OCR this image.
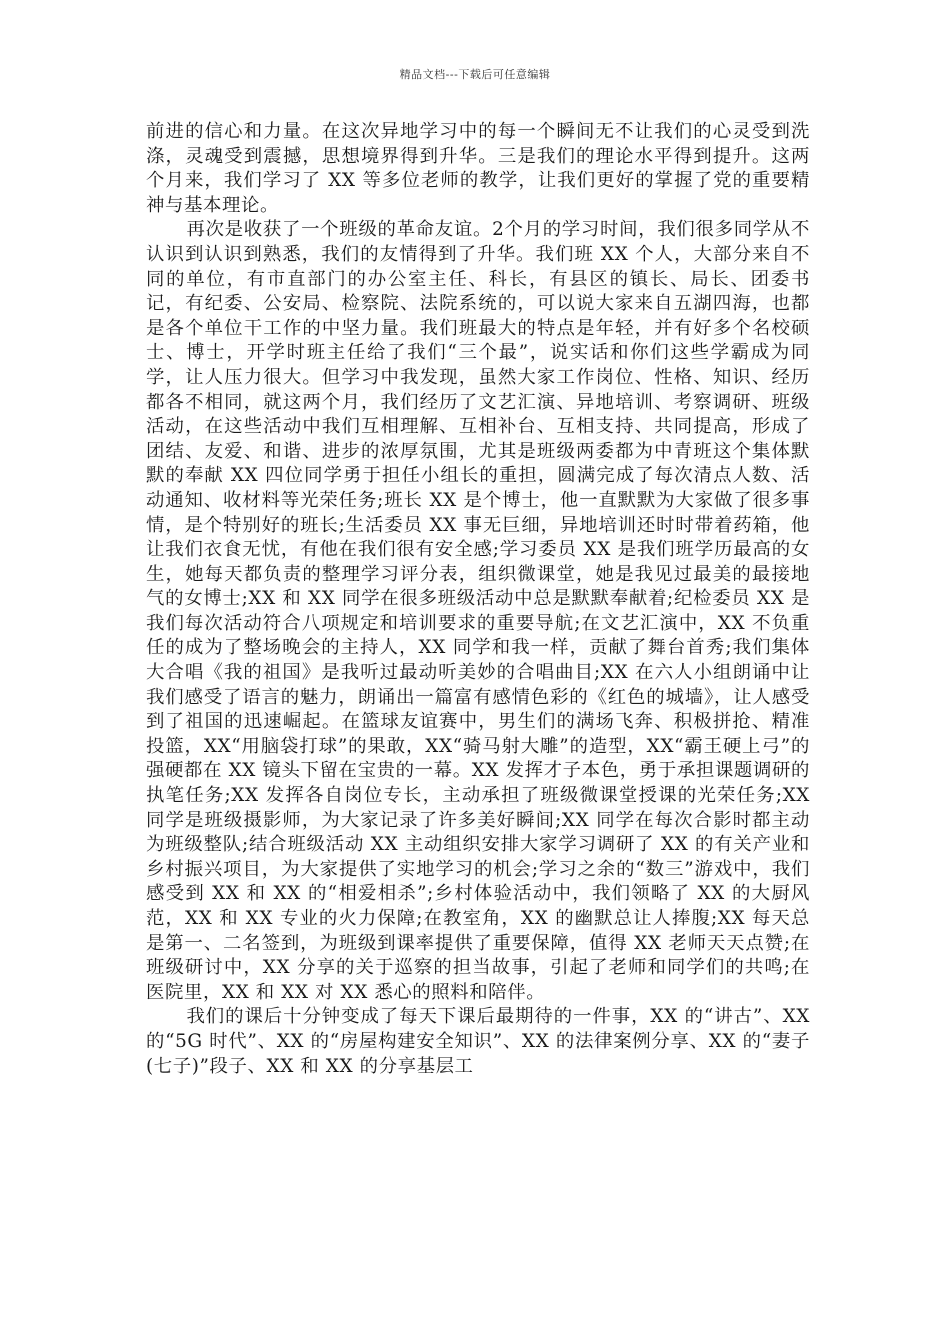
精品文档---下载后可任意编辑

前进的信心和力量。在这次异地学习中的每一个瞬间无不让我们的心灵受到洗涤，灵魂受到震撼，思想境界得到升华。三是我们的理论水平得到提升。这两个月来，我们学习了 XX 等多位老师的教学，让我们更好的掌握了党的重要精神与基本理论。

再次是收获了一个班级的革命友谊。2个月的学习时间，我们很多同学从不认识到认识到熟悉，我们的友情得到了升华。我们班 XX 个人，大部分来自不同的单位，有市直部门的办公室主任、科长，有县区的镇长、局长、团委书记，有纪委、公安局、检察院、法院系统的，可以说大家来自五湖四海，也都是各个单位干工作的中坚力量。我们班最大的特点是年轻，并有好多个名校硕士、博士，开学时班主任给了我们“三个最”，说实话和你们这些学霸成为同学，让人压力很大。但学习中我发现，虽然大家工作岗位、性格、知识、经历都各不相同，就这两个月，我们经历了文艺汇演、异地培训、考察调研、班级活动，在这些活动中我们互相理解、互相补台、互相支持、共同提高，形成了团结、友爱、和谐、进步的浓厚氛围，尤其是班级两委都为中青班这个集体默默的奉献 XX 四位同学勇于担任小组长的重担，圆满完成了每次清点人数、活动通知、收材料等光荣任务;班长 XX 是个博士，他一直默默为大家做了很多事情，是个特别好的班长;生活委员 XX 事无巨细，异地培训还时时带着药箱，他让我们衣食无忧，有他在我们很有安全感;学习委员 XX 是我们班学历最高的女生，她每天都负责的整理学习评分表，组织微课堂，她是我见过最美的最接地气的女博士;XX 和 XX 同学在很多班级活动中总是默默奉献着;纪检委员 XX 是我们每次活动符合八项规定和培训要求的重要导航;在文艺汇演中，XX 不负重任的成为了整场晚会的主持人，XX 同学和我一样，贡献了舞台首秀;我们集体大合唱《我的祖国》是我听过最动听美妙的合唱曲目;XX 在六人小组朗诵中让我们感受了语言的魅力，朗诵出一篇富有感情色彩的《红色的城墙》，让人感受到了祖国的迅速崛起。在篮球友谊赛中，男生们的满场飞奔、积极拼抢、精准投篮，XX“用脑袋打球”的果敢，XX“骑马射大雕”的造型，XX“霸王硬上弓”的强硬都在 XX 镜头下留在宝贵的一幕。XX 发挥才子本色，勇于承担课题调研的执笔任务;XX 发挥各自岗位专长，主动承担了班级微课堂授课的光荣任务;XX 同学是班级摄影师，为大家记录了许多美好瞬间;XX 同学在每次合影时都主动为班级整队;结合班级活动 XX 主动组织安排大家学习调研了 XX 的有关产业和乡村振兴项目，为大家提供了实地学习的机会;学习之余的“数三”游戏中，我们感受到 XX 和 XX 的“相爱相杀”;乡村体验活动中，我们领略了 XX 的大厨风范，XX 和 XX 专业的火力保障;在教室角，XX 的幽默总让人捧腹;XX 每天总是第一、二名签到，为班级到课率提供了重要保障，值得 XX 老师天天点赞;在班级研讨中，XX 分享的关于巡察的担当故事，引起了老师和同学们的共鸣;在医院里，XX 和 XX 对 XX 悉心的照料和陪伴。

我们的课后十分钟变成了每天下课后最期待的一件事，XX 的“讲古”、XX 的“5G 时代”、XX 的“房屋构建安全知识”、XX 的法律案例分享、XX 的“妻子(七子)”段子、XX 和 XX 的分享基层工
